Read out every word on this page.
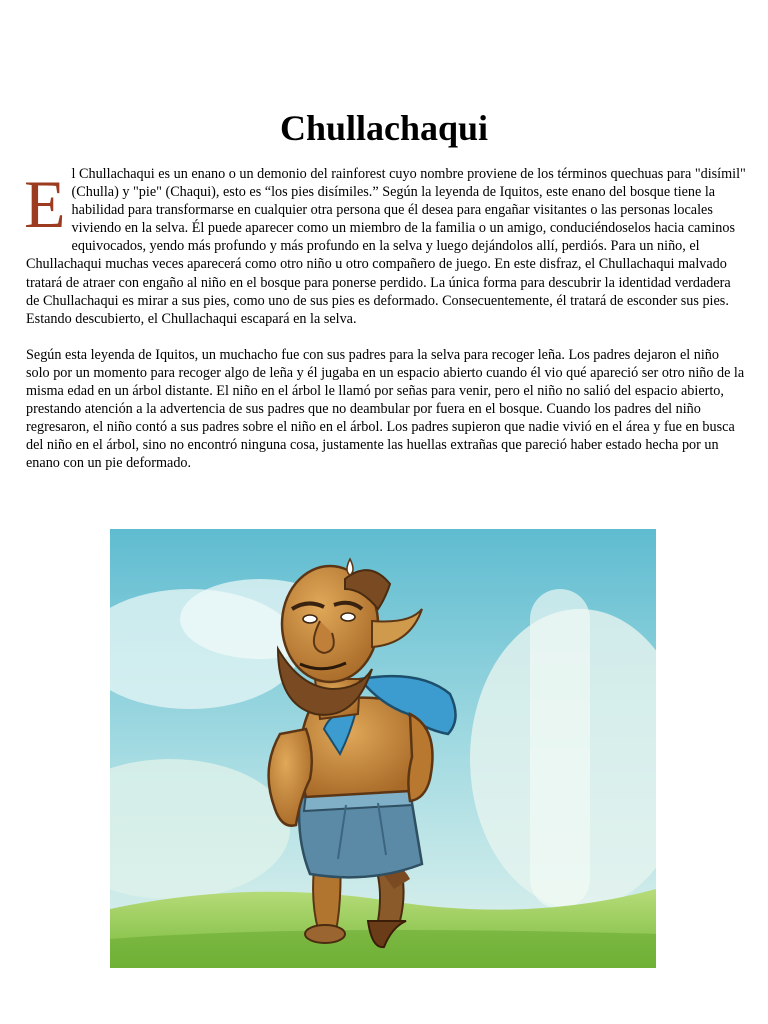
Chullachaqui

El Chullachaqui es un enano o un demonio del rainforest cuyo nombre proviene de los términos quechuas para "disímil" (Chulla) y "pie" (Chaqui), esto es “los pies disímiles.” Según la leyenda de Iquitos, este enano del bosque tiene la habilidad para transformarse en cualquier otra persona que él desea para engañar visitantes o las personas locales viviendo en la selva. Él puede aparecer como un miembro de la familia o un amigo, conduciéndoselos hacia caminos equivocados, yendo más profundo y más profundo en la selva y luego dejándolos allí, perdiós. Para un niño, el Chullachaqui muchas veces aparecerá como otro niño u otro compañero de juego. En este disfraz, el Chullachaqui malvado tratará de atraer con engaño al niño en el bosque para ponerse perdido. La única forma para descubrir la identidad verdadera de Chullachaqui es mirar a sus pies, como uno de sus pies es deformado. Consecuentemente, él tratará de esconder sus pies. Estando descubierto, el Chullachaqui escapará en la selva.

Según esta leyenda de Iquitos, un muchacho fue con sus padres para la selva para recoger leña. Los padres dejaron el niño solo por un momento para recoger algo de leña y él jugaba en un espacio abierto cuando él vio qué apareció ser otro niño de la misma edad en un árbol distante. El niño en el árbol le llamó por señas para venir, pero el niño no salió del espacio abierto, prestando atención a la advertencia de sus padres que no deambular por fuera en el bosque. Cuando los padres del niño regresaron, el niño contó a sus padres sobre el niño en el árbol. Los padres supieron que nadie vivió en el área y fue en busca del niño en el árbol, sino no encontró ninguna cosa, justamente las huellas extrañas que pareció haber estado hecha por un enano con un pie deformado.
